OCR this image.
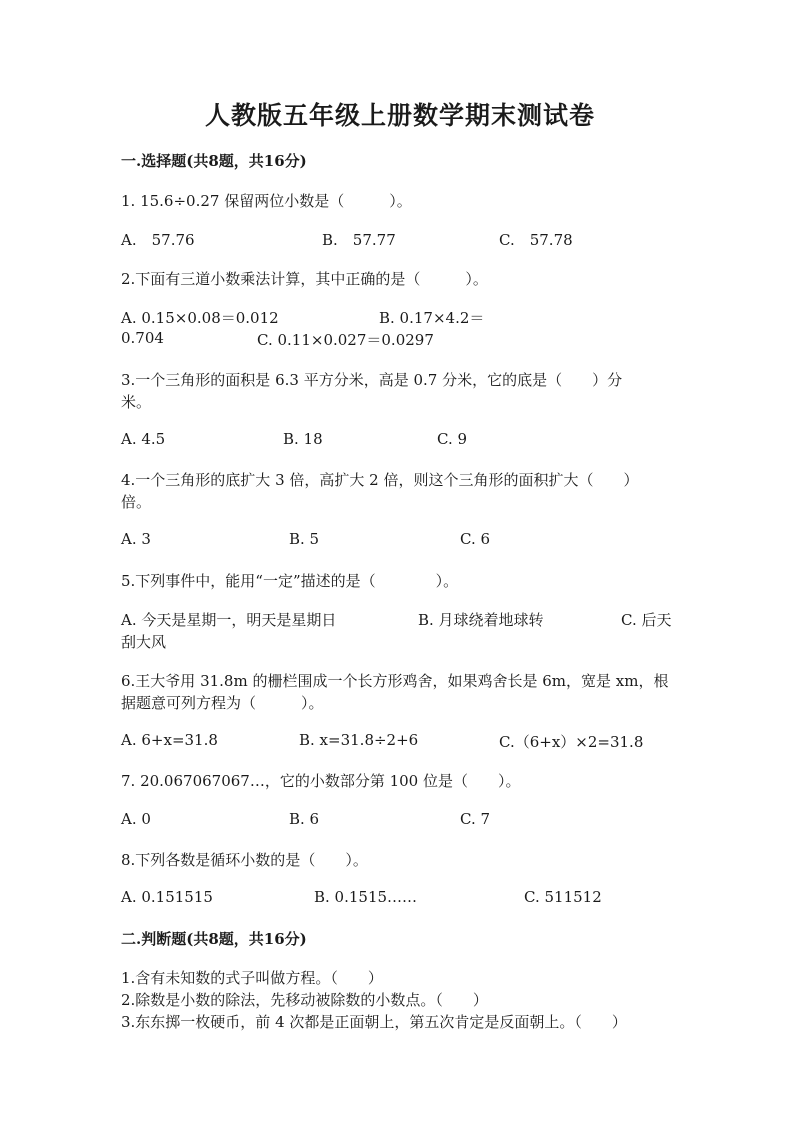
人教版五年级上册数学期末测试卷
一.选择题(共8题，共16分)
1. 15.6÷0.27 保留两位小数是（　　　）。
A.　57.76	B.　57.77	C.　57.78
2.下面有三道小数乘法计算，其中正确的是（　　　）。
A. 0.15×0.08＝0.012	B. 0.17×4.2＝
0.704	C. 0.11×0.027＝0.0297
3.一个三角形的面积是 6.3 平方分米，高是 0.7 分米，它的底是（　　）分
米。
A. 4.5	B. 18	C. 9
4.一个三角形的底扩大 3 倍，高扩大 2 倍，则这个三角形的面积扩大（　　）
倍。
A. 3	B. 5	C. 6
5.下列事件中，能用“一定”描述的是（　　　　）。
A. 今天是星期一，明天是星期日	B. 月球绕着地球转	C. 后天
刮大风
6.王大爷用 31.8m 的栅栏围成一个长方形鸡舍，如果鸡舍长是 6m，宽是 xm，根
据题意可列方程为（　　　）。
A. 6+x=31.8	B. x=31.8÷2+6	C.（6+x）×2=31.8
7. 20.067067067…，它的小数部分第 100 位是（　　）。
A. 0	B. 6	C. 7
8.下列各数是循环小数的是（　　）。
A. 0.151515	B. 0.1515……	C. 511512
二.判断题(共8题，共16分)
1.含有未知数的式子叫做方程。（　　）
2.除数是小数的除法，先移动被除数的小数点。（　　）
3.东东掷一枚硬币，前 4 次都是正面朝上，第五次肯定是反面朝上。（　　）
